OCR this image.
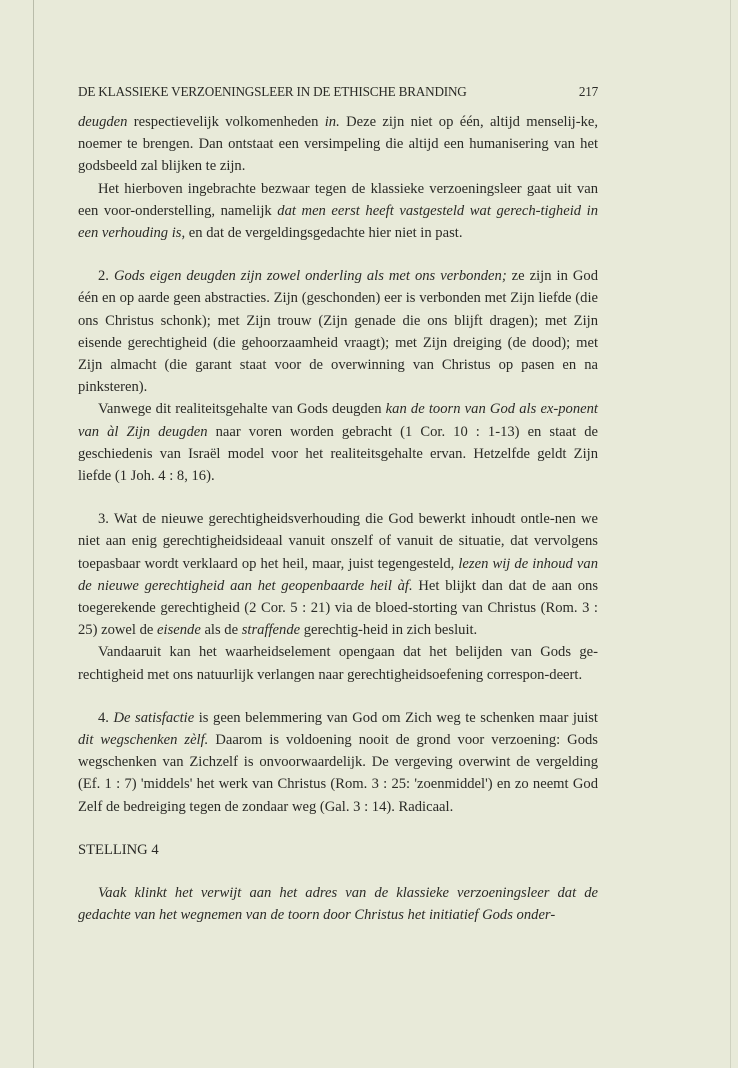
DE KLASSIEKE VERZOENINGSLEER IN DE ETHISCHE BRANDING	217

deugden respectievelijk volkomenheden in. Deze zijn niet op één, altijd menselij-ke, noemer te brengen. Dan ontstaat een versimpeling die altijd een humanisering van het godsbeeld zal blijken te zijn.

Het hierboven ingebrachte bezwaar tegen de klassieke verzoeningsleer gaat uit van een voor-onderstelling, namelijk dat men eerst heeft vastgesteld wat gerech-tigheid in een verhouding is, en dat de vergeldingsgedachte hier niet in past.

2. Gods eigen deugden zijn zowel onderling als met ons verbonden; ze zijn in God één en op aarde geen abstracties. Zijn (geschonden) eer is verbonden met Zijn liefde (die ons Christus schonk); met Zijn trouw (Zijn genade die ons blijft dragen); met Zijn eisende gerechtigheid (die gehoorzaamheid vraagt); met Zijn dreiging (de dood); met Zijn almacht (die garant staat voor de overwinning van Christus op pasen en na pinksteren).

Vanwege dit realiteitsgehalte van Gods deugden kan de toorn van God als ex-ponent van àl Zijn deugden naar voren worden gebracht (1 Cor. 10 : 1-13) en staat de geschiedenis van Israël model voor het realiteitsgehalte ervan. Hetzelfde geldt Zijn liefde (1 Joh. 4 : 8, 16).

3. Wat de nieuwe gerechtigheidsverhouding die God bewerkt inhoudt ontle-nen we niet aan enig gerechtigheidsideaal vanuit onszelf of vanuit de situatie, dat vervolgens toepasbaar wordt verklaard op het heil, maar, juist tegengesteld, lezen wij de inhoud van de nieuwe gerechtigheid aan het geopenbaarde heil àf. Het blijkt dan dat de aan ons toegerekende gerechtigheid (2 Cor. 5 : 21) via de bloed-storting van Christus (Rom. 3 : 25) zowel de eisende als de straffende gerechtig-heid in zich besluit.

Vandaaruit kan het waarheidselement opengaan dat het belijden van Gods ge-rechtigheid met ons natuurlijk verlangen naar gerechtigheidsoefening correspon-deert.

4. De satisfactie is geen belemmering van God om Zich weg te schenken maar juist dit wegschenken zèlf. Daarom is voldoening nooit de grond voor verzoening: Gods wegschenken van Zichzelf is onvoorwaardelijk. De vergeving overwint de vergelding (Ef. 1 : 7) 'middels' het werk van Christus (Rom. 3 : 25: 'zoenmiddel') en zo neemt God Zelf de bedreiging tegen de zondaar weg (Gal. 3 : 14). Radicaal.

STELLING 4

Vaak klinkt het verwijt aan het adres van de klassieke verzoeningsleer dat de gedachte van het wegnemen van de toorn door Christus het initiatief Gods onder-
